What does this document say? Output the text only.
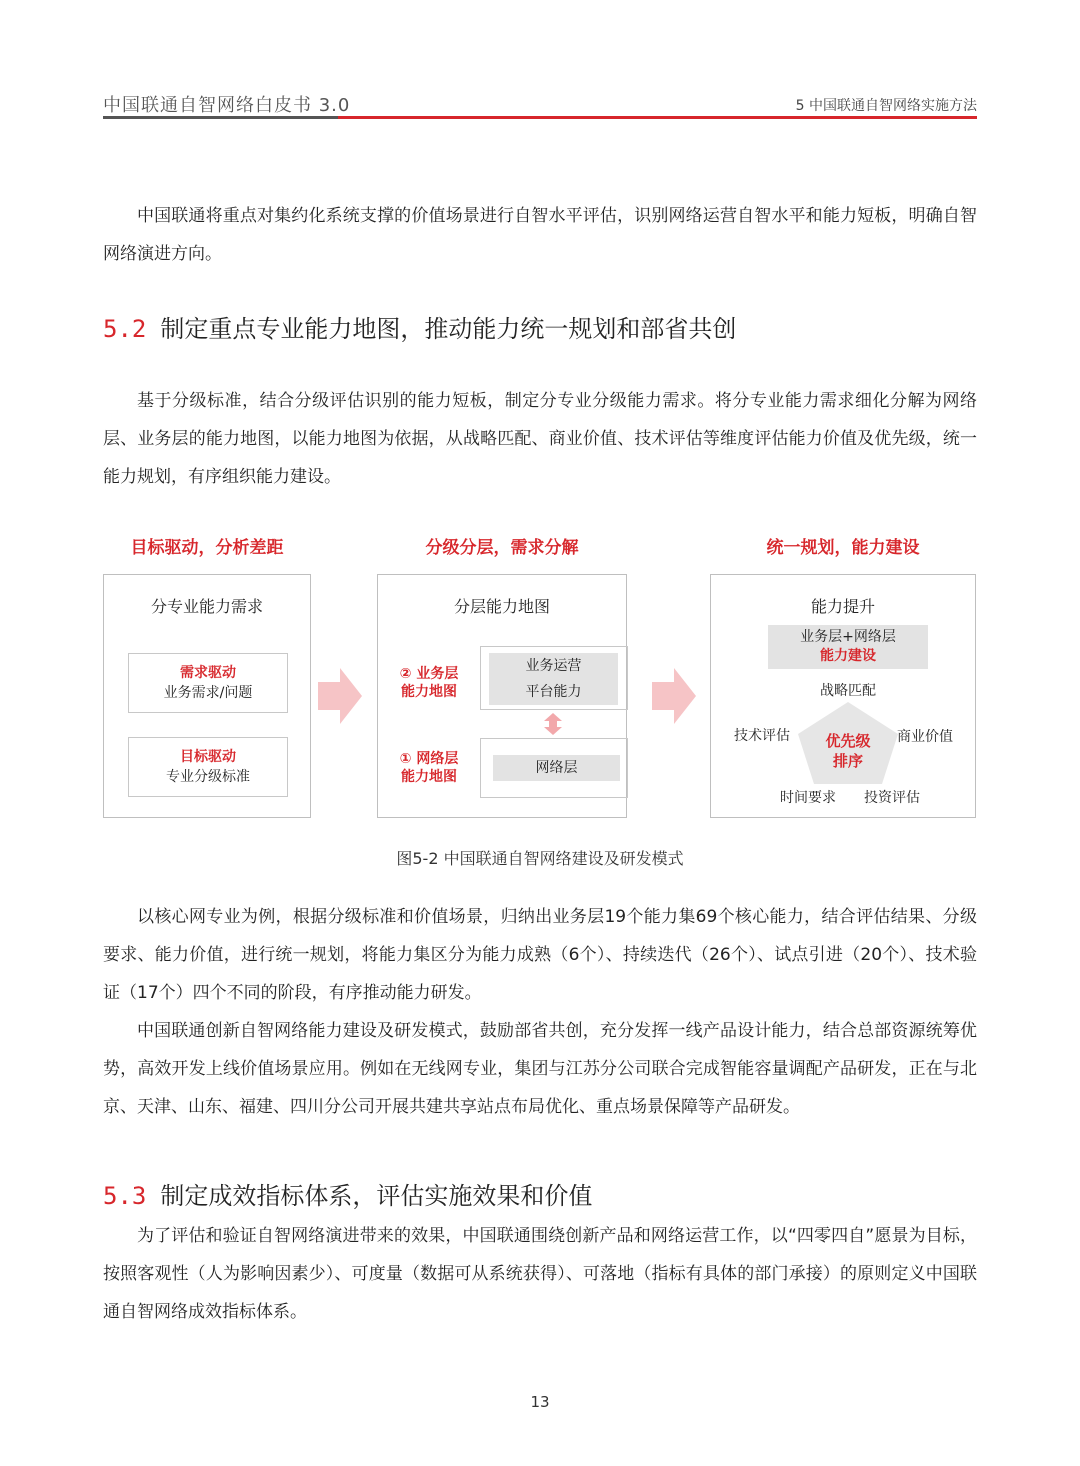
中国联通自智网络白皮书 3.0	5 中国联通自智网络实施方法

中国联通将重点对集约化系统支撑的价值场景进行自智水平评估，识别网络运营自智水平和能力短板，明确自智网络演进方向。

5.2 制定重点专业能力地图，推动能力统一规划和部省共创

基于分级标准，结合分级评估识别的能力短板，制定分专业分级能力需求。将分专业能力需求细化分解为网络层、业务层的能力地图，以能力地图为依据，从战略匹配、商业价值、技术评估等维度评估能力价值及优先级，统一能力规划，有序组织能力建设。

目标驱动，分析差距	分级分层，需求分解	统一规划，能力建设
分专业能力需求
需求驱动
业务需求/问题
目标驱动
专业分级标准
分层能力地图
② 业务层
能力地图
业务运营
平台能力
① 网络层
能力地图
网络层
能力提升
业务层+网络层
能力建设
战略匹配
优先级
排序
技术评估	商业价值
时间要求 投资评估
图5-2 中国联通自智网络建设及研发模式

以核心网专业为例，根据分级标准和价值场景，归纳出业务层19个能力集69个核心能力，结合评估结果、分级要求、能力价值，进行统一规划，将能力集区分为能力成熟（6个）、持续迭代（26个）、试点引进（20个）、技术验证（17个）四个不同的阶段，有序推动能力研发。

中国联通创新自智网络能力建设及研发模式，鼓励部省共创，充分发挥一线产品设计能力，结合总部资源统筹优势，高效开发上线价值场景应用。例如在无线网专业，集团与江苏分公司联合完成智能容量调配产品研发，正在与北京、天津、山东、福建、四川分公司开展共建共享站点布局优化、重点场景保障等产品研发。

5.3 制定成效指标体系，评估实施效果和价值

为了评估和验证自智网络演进带来的效果，中国联通围绕创新产品和网络运营工作，以“四零四自”愿景为目标，按照客观性（人为影响因素少）、可度量（数据可从系统获得）、可落地（指标有具体的部门承接）的原则定义中国联通自智网络成效指标体系。

13
